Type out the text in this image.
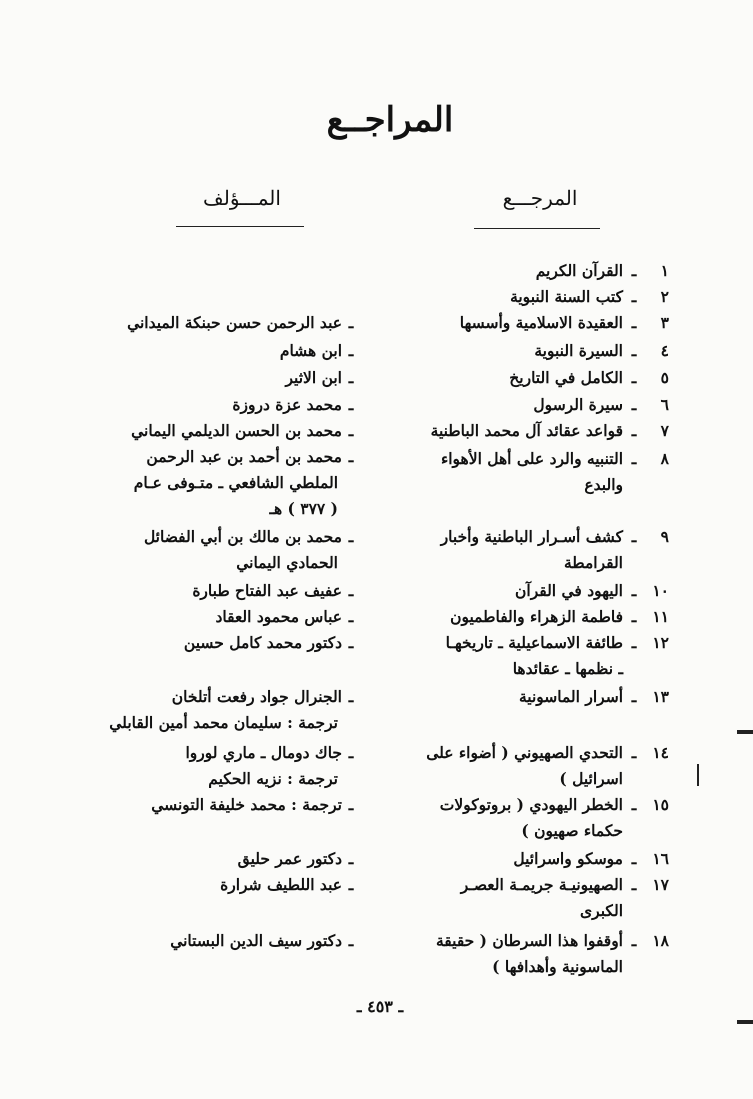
المراجــع
المرجـــع
المـــؤلف
١ـالقرآن الكريم
٢ـكتب السنة النبوية
٣ـالعقيدة الاسلامية وأسسها
٤ـالسيرة النبوية
٥ـالكامل في التاريخ
٦ـسيرة الرسول
٧ـقواعد عقائد آل محمد الباطنية
٨ـالتنبيه والرد على أهل الأهواء
والبدع
٩ـكشف أسـرار الباطنية وأخبار
القرامطة
١٠ـاليهود في القرآن
١١ـفاطمة الزهراء والفاطميون
١٢ـطائفة الاسماعيلية ـ تاريخهـا
ـ نظمها ـ عقائدها
١٣ـأسرار الماسونية
١٤ـالتحدي الصهيوني ( أضواء على
اسرائيل )
١٥ـالخطر اليهودي ( بروتوكولات
حكماء صهيون )
١٦ـموسكو واسرائيل
١٧ـالصهيونيـة جريمـة العصـر
الكبرى
١٨ـأوقفوا هذا السرطان ( حقيقة
الماسونية وأهدافها )
ـعبد الرحمن حسن حبنكة الميداني
ـابن هشام
ـابن الاثير
ـمحمد عزة دروزة
ـمحمد بن الحسن الديلمي اليماني
ـمحمد بن أحمد بن عبد الرحمن
الملطي الشافعي ـ متـوفى عـام
( ٣٧٧ ) هـ
ـمحمد بن مالك بن أبي الفضائل
الحمادي اليماني
ـعفيف عبد الفتاح طبارة
ـعباس محمود العقاد
ـدكتور محمد كامل حسين
ـالجنرال جواد رفعت أتلخان
ترجمة : سليمان محمد أمين القابلي
ـجاك دومال ـ ماري لوروا
ترجمة : نزيه الحكيم
ـترجمة : محمد خليفة التونسي
ـدكتور عمر حليق
ـعبد اللطيف شرارة
ـدكتور سيف الدين البستاني
ـ ٤٥٣ ـ
